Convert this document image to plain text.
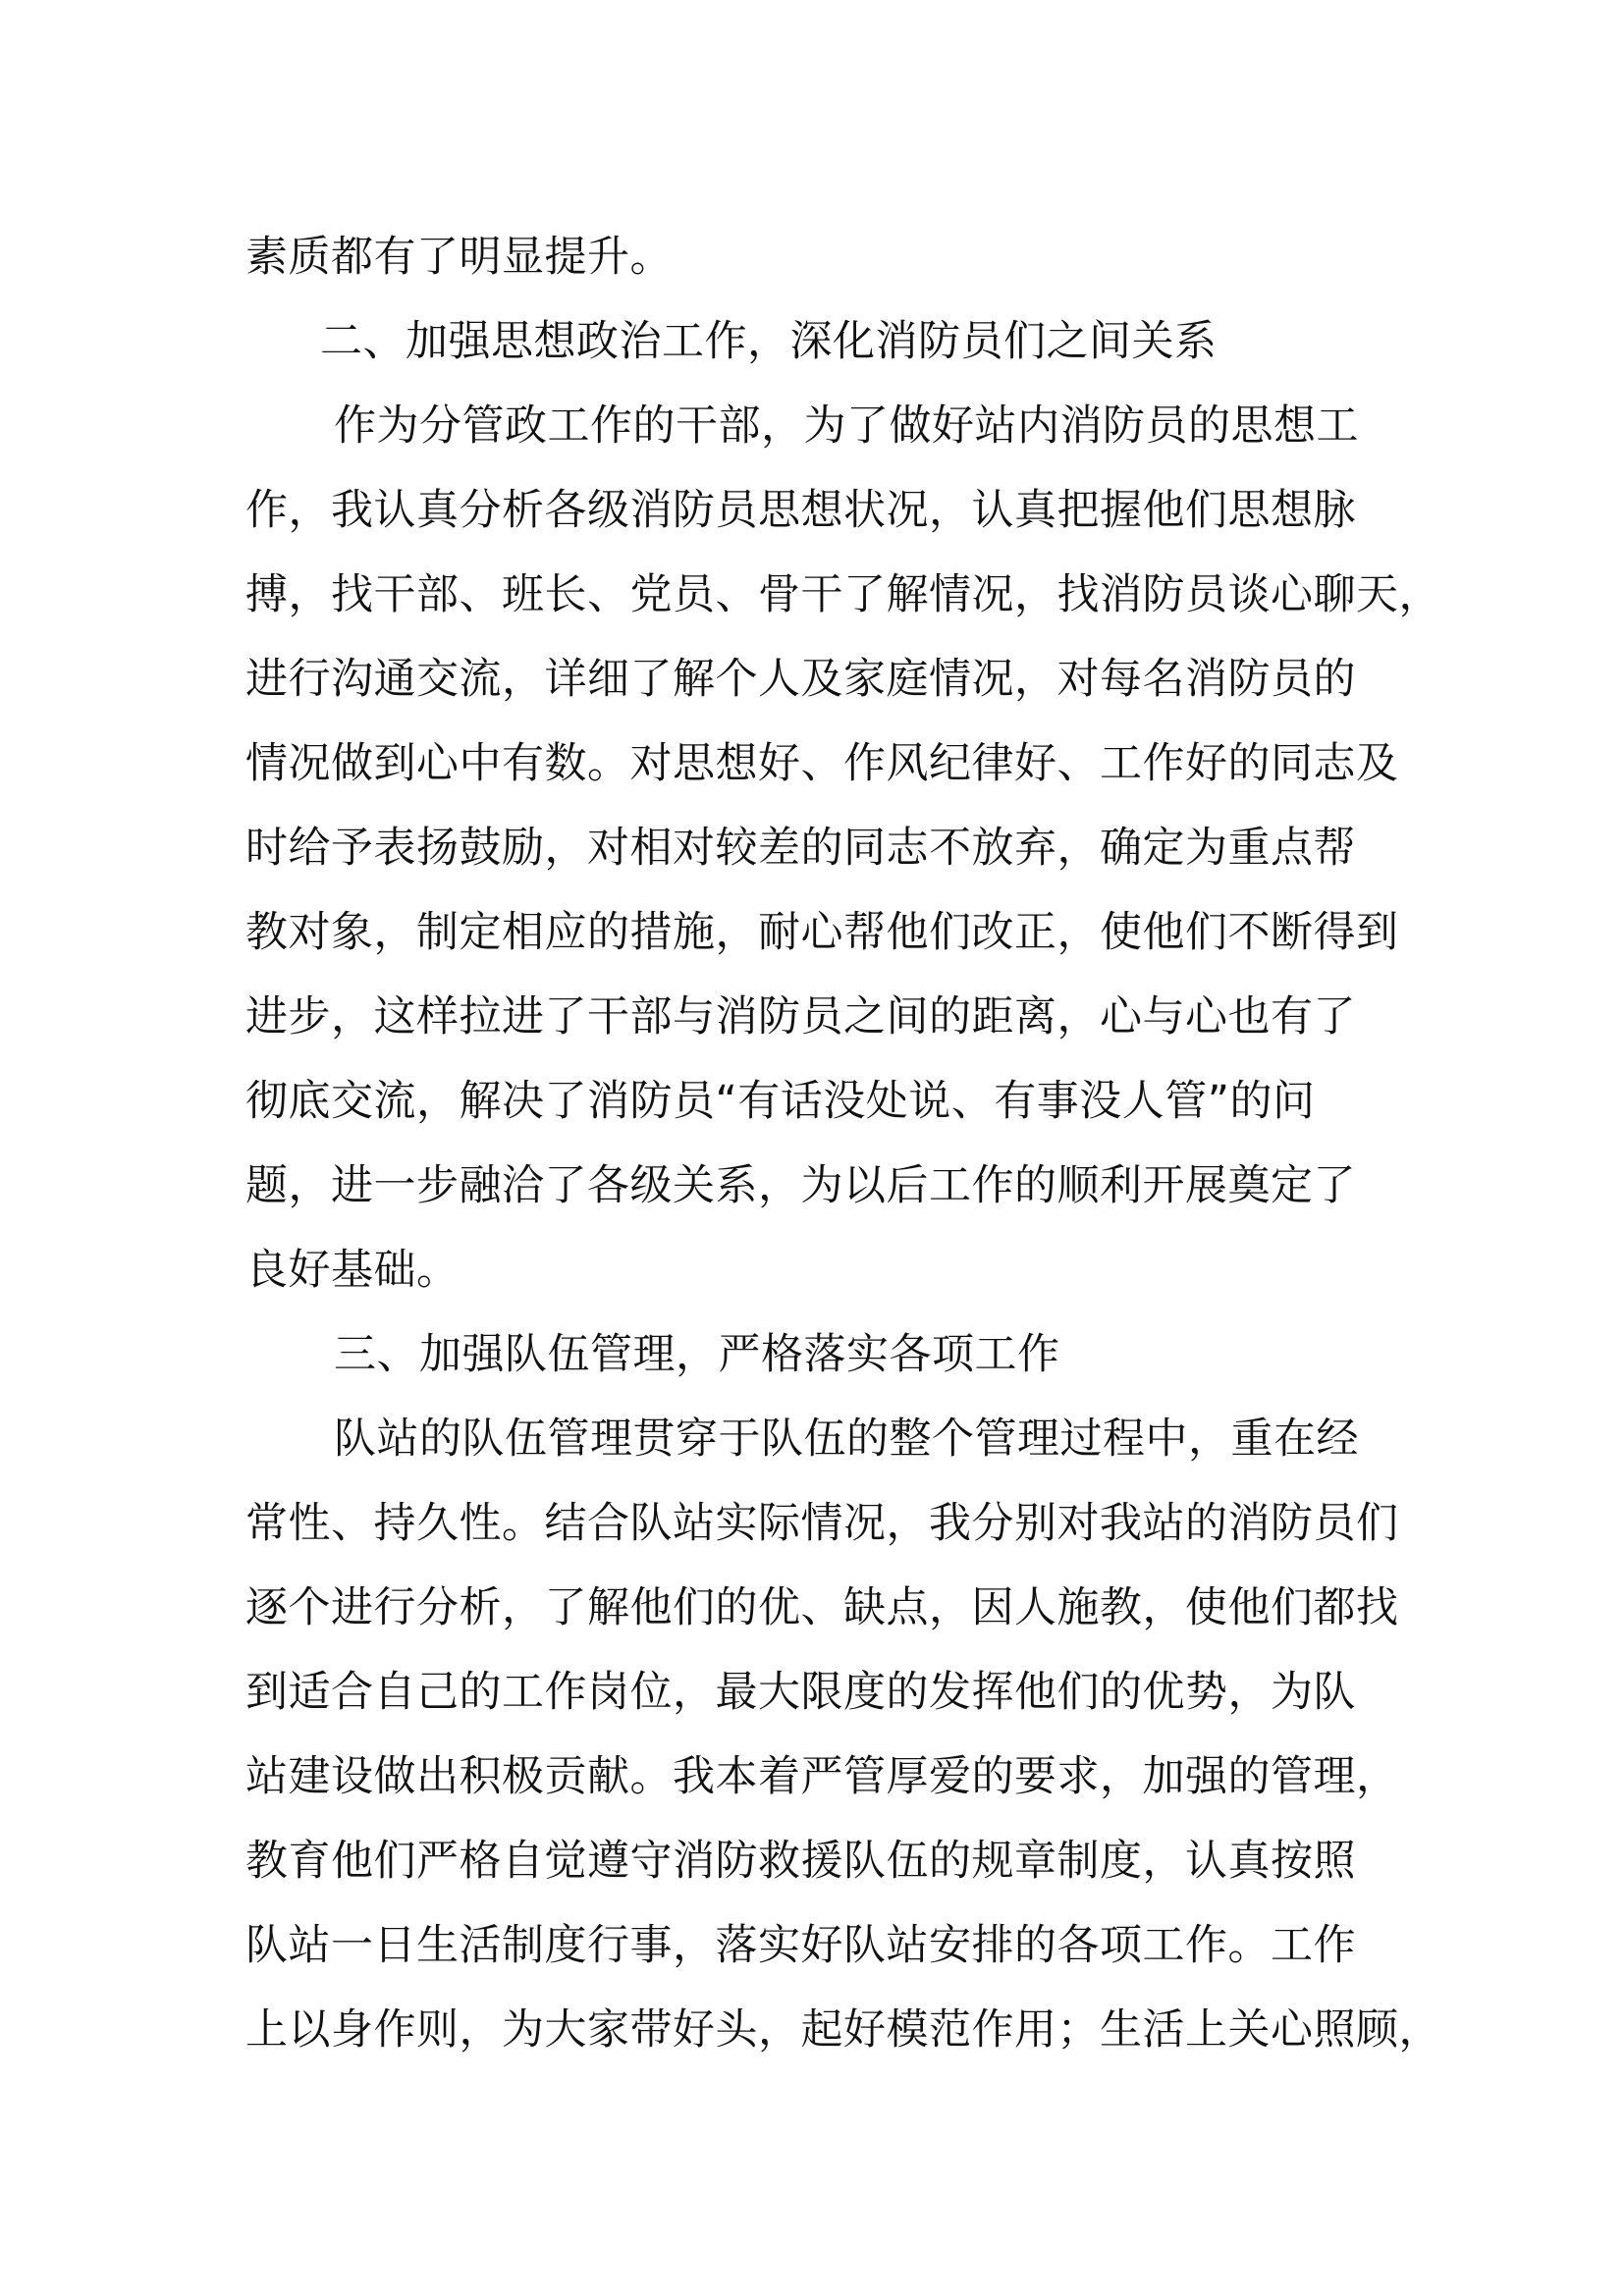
素质都有了明显提升。
二、加强思想政治工作，深化消防员们之间关系
作为分管政工作的干部，为了做好站内消防员的思想工
作，我认真分析各级消防员思想状况，认真把握他们思想脉
搏，找干部、班长、党员、骨干了解情况，找消防员谈心聊天，
进行沟通交流，详细了解个人及家庭情况，对每名消防员的
情况做到心中有数。对思想好、作风纪律好、工作好的同志及
时给予表扬鼓励，对相对较差的同志不放弃，确定为重点帮
教对象，制定相应的措施，耐心帮他们改正，使他们不断得到
进步，这样拉进了干部与消防员之间的距离，心与心也有了
彻底交流，解决了消防员“有话没处说、有事没人管”的问
题，进一步融洽了各级关系，为以后工作的顺利开展奠定了
良好基础。
三、加强队伍管理，严格落实各项工作
队站的队伍管理贯穿于队伍的整个管理过程中，重在经
常性、持久性。结合队站实际情况，我分别对我站的消防员们
逐个进行分析，了解他们的优、缺点，因人施教，使他们都找
到适合自己的工作岗位，最大限度的发挥他们的优势，为队
站建设做出积极贡献。我本着严管厚爱的要求，加强的管理，
教育他们严格自觉遵守消防救援队伍的规章制度，认真按照
队站一日生活制度行事，落实好队站安排的各项工作。工作
上以身作则，为大家带好头，起好模范作用；生活上关心照顾，
